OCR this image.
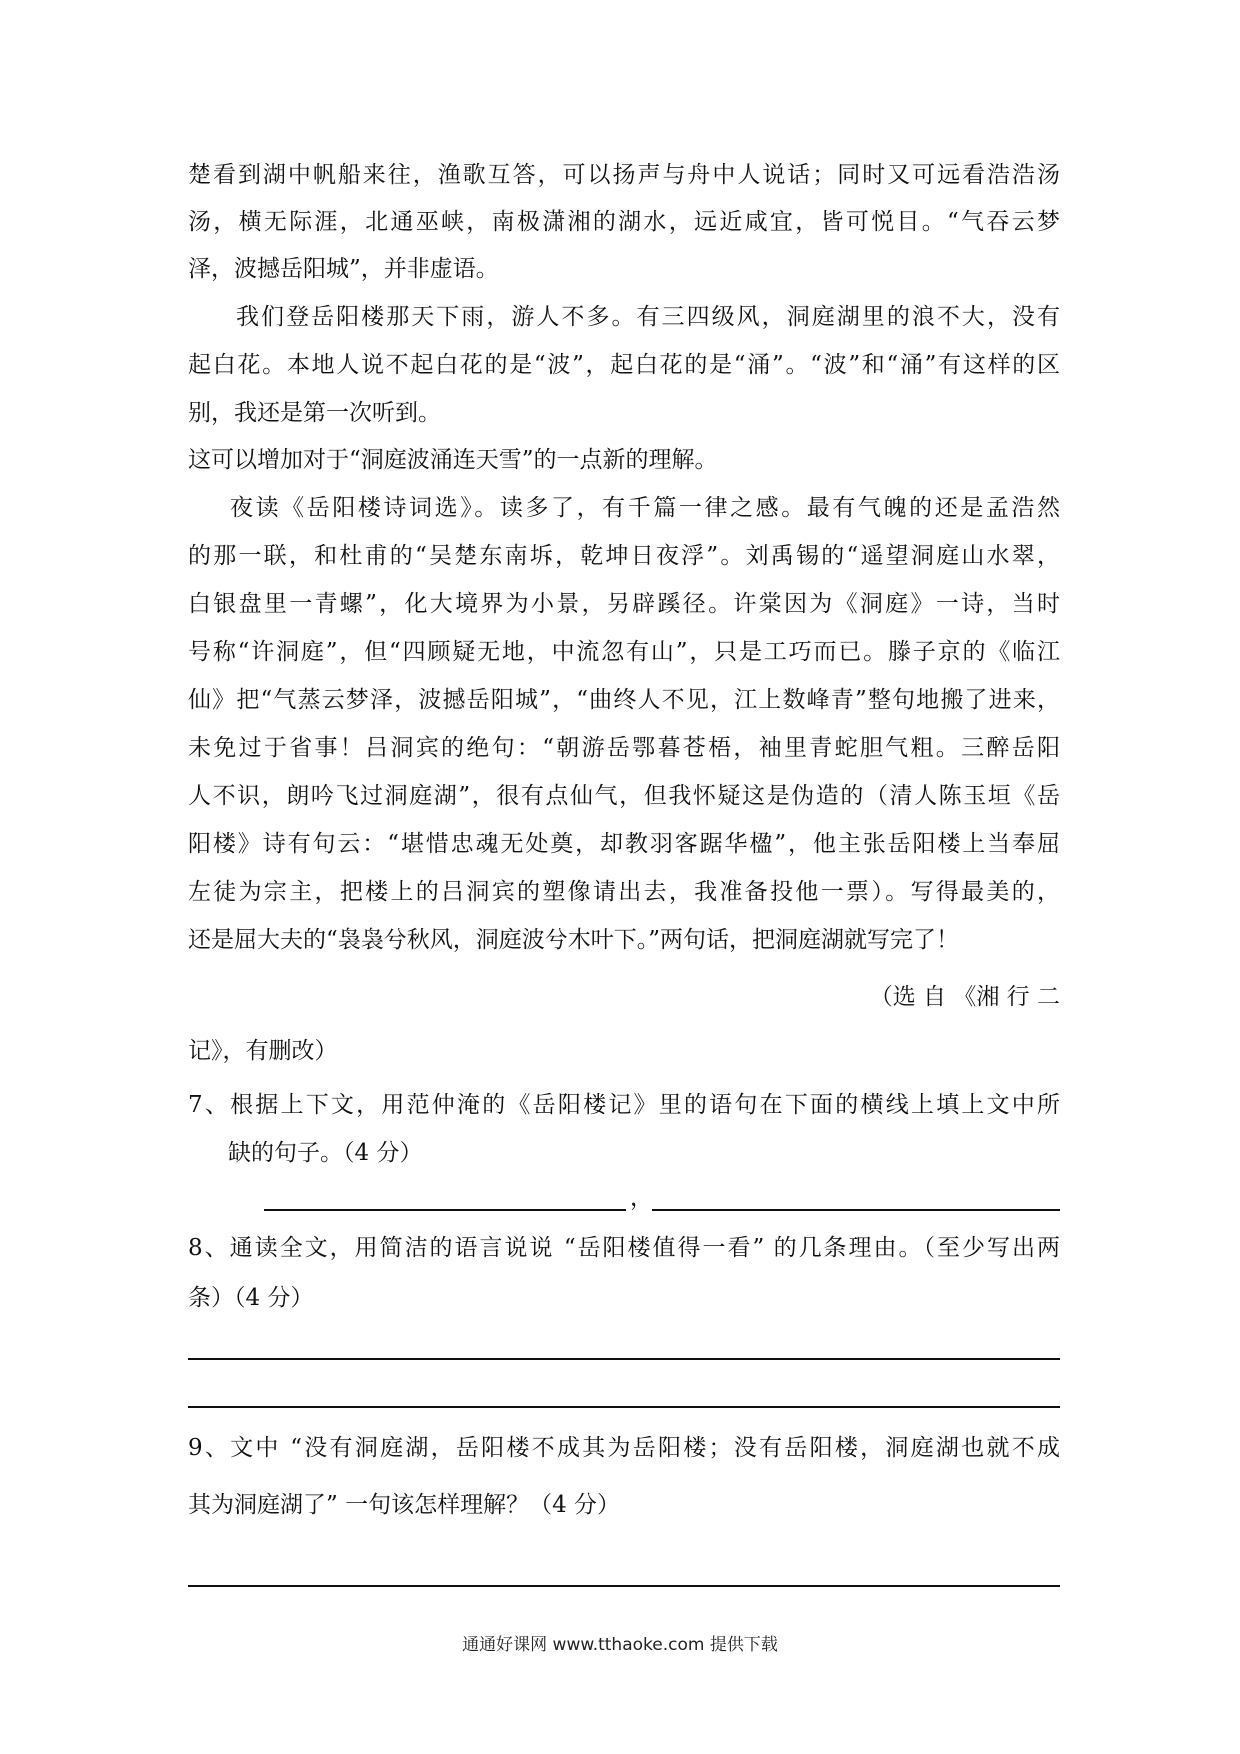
楚看到湖中帆船来往，渔歌互答，可以扬声与舟中人说话；同时又可远看浩浩汤
汤，横无际涯，北通巫峡，南极潇湘的湖水，远近咸宜，皆可悦目。“气吞云梦
泽，波撼岳阳城”，并非虚语。
我们登岳阳楼那天下雨，游人不多。有三四级风，洞庭湖里的浪不大，没有
起白花。本地人说不起白花的是“波”，起白花的是“涌”。“波”和“涌”有这样的区
别，我还是第一次听到。
这可以增加对于“洞庭波涌连天雪”的一点新的理解。
夜读《岳阳楼诗词选》。读多了，有千篇一律之感。最有气魄的还是孟浩然
的那一联，和杜甫的“吴楚东南坼，乾坤日夜浮”。刘禹锡的“遥望洞庭山水翠，
白银盘里一青螺”，化大境界为小景，另辟蹊径。许棠因为《洞庭》一诗，当时
号称“许洞庭”，但“四顾疑无地，中流忽有山”，只是工巧而已。滕子京的《临江
仙》把“气蒸云梦泽，波撼岳阳城”，“曲终人不见，江上数峰青”整句地搬了进来，
未免过于省事！吕洞宾的绝句：“朝游岳鄂暮苍梧，袖里青蛇胆气粗。三醉岳阳
人不识，朗吟飞过洞庭湖”，很有点仙气，但我怀疑这是伪造的（清人陈玉垣《岳
阳楼》诗有句云：“堪惜忠魂无处奠，却教羽客踞华楹”，他主张岳阳楼上当奉屈
左徒为宗主，把楼上的吕洞宾的塑像请出去，我准备投他一票）。写得最美的，
还是屈大夫的“袅袅兮秋风，洞庭波兮木叶下。”两句话，把洞庭湖就写完了！
（选 自 《湘 行 二
记》，有删改）
7、根据上下文，用范仲淹的《岳阳楼记》里的语句在下面的横线上填上文中所
缺的句子。（4 分）
，
8、通读全文，用简洁的语言说说 “岳阳楼值得一看” 的几条理由。（至少写出两
条）（4 分）
9、文中 “没有洞庭湖，岳阳楼不成其为岳阳楼；没有岳阳楼，洞庭湖也就不成
其为洞庭湖了” 一句该怎样理解？（4 分）
通通好课网 www.tthaoke.com 提供下载
